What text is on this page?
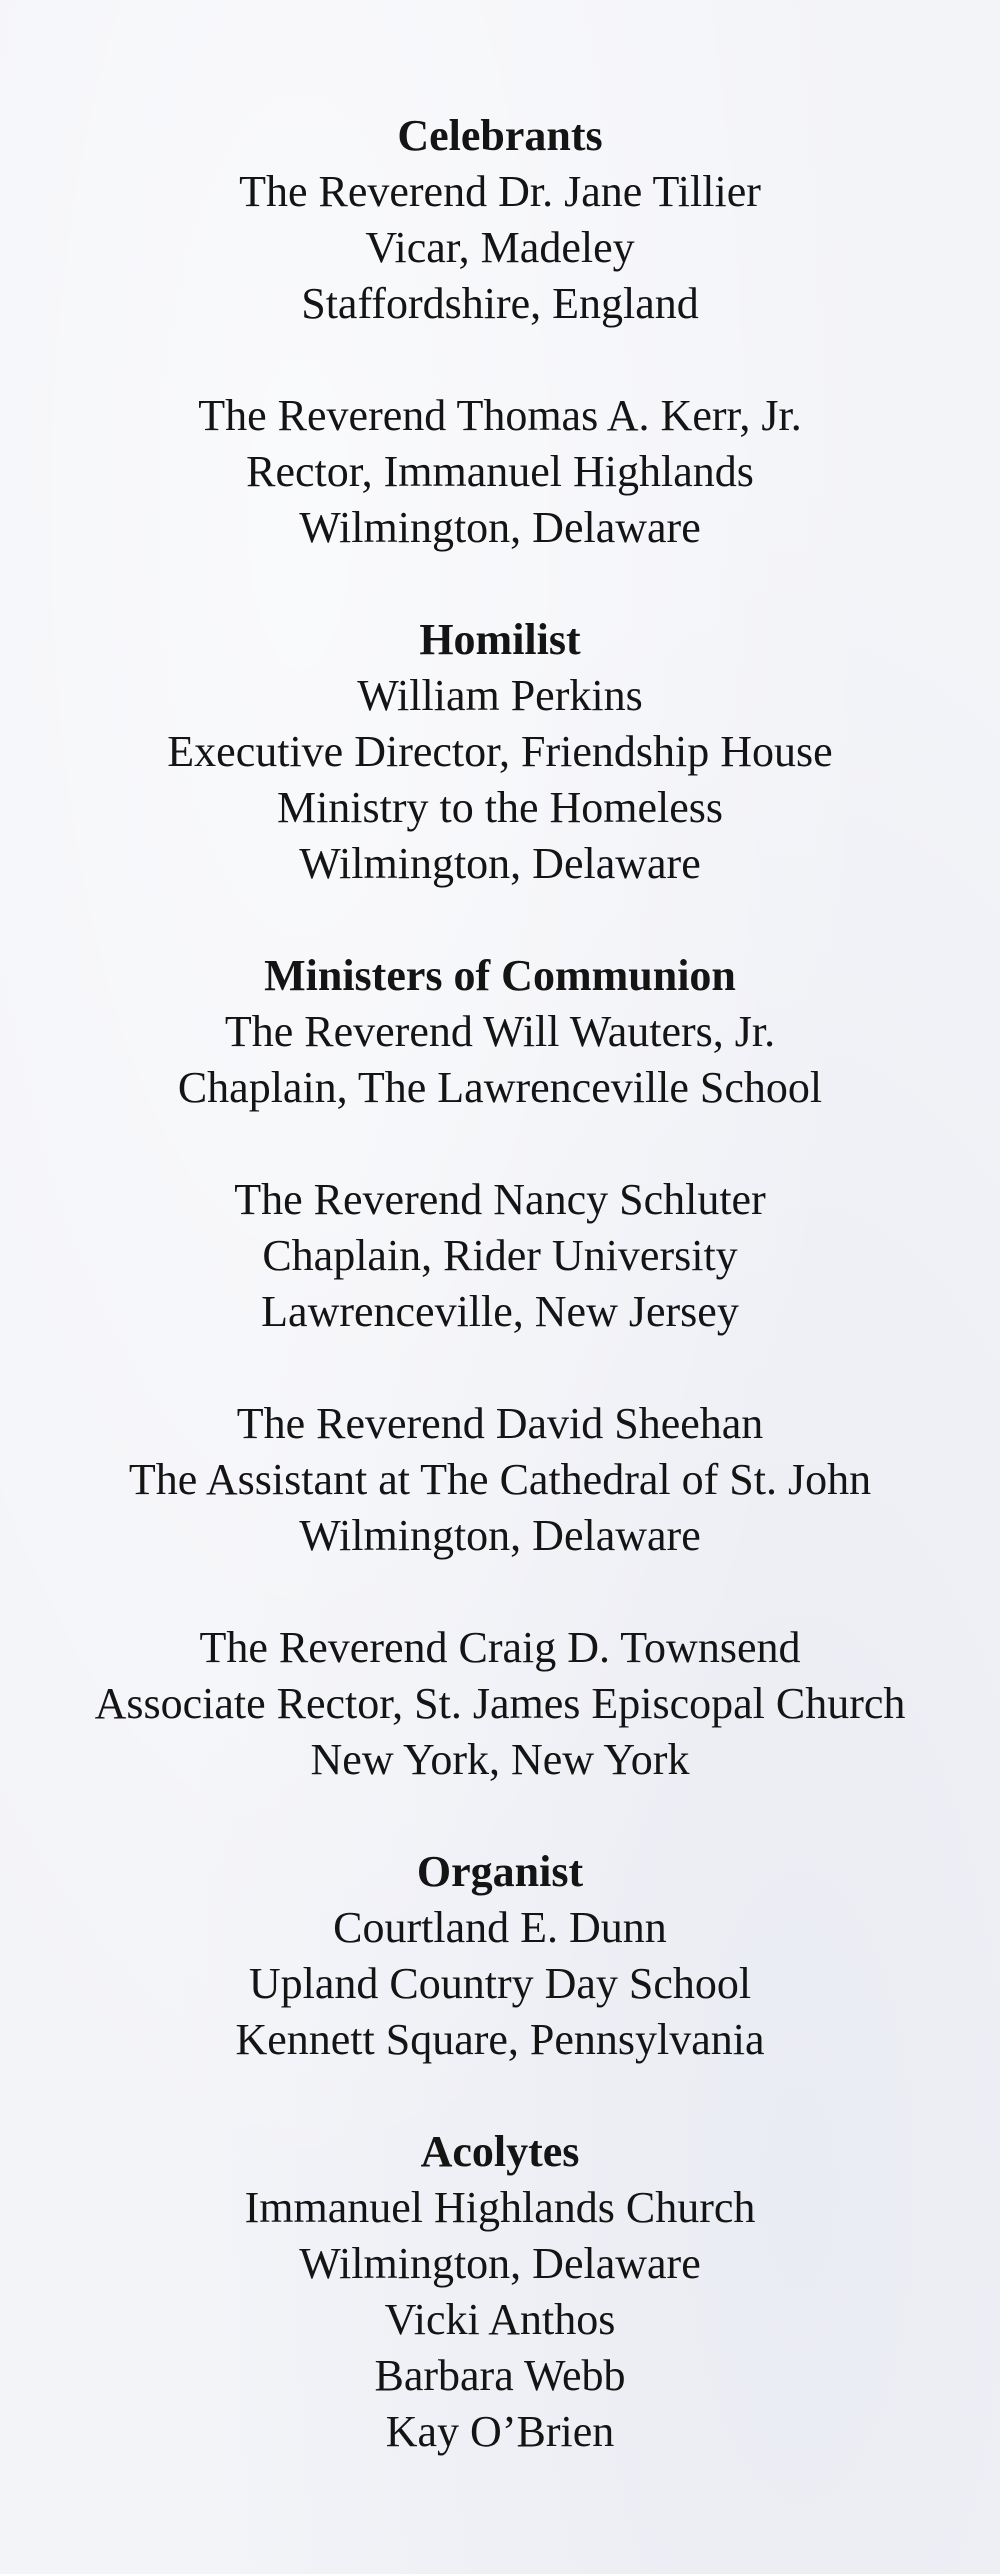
Celebrants
The Reverend Dr. Jane Tillier
Vicar, Madeley
Staffordshire, England
The Reverend Thomas A. Kerr, Jr.
Rector, Immanuel Highlands
Wilmington, Delaware
Homilist
William Perkins
Executive Director, Friendship House
Ministry to the Homeless
Wilmington, Delaware
Ministers of Communion
The Reverend Will Wauters, Jr.
Chaplain, The Lawrenceville School
The Reverend Nancy Schluter
Chaplain, Rider University
Lawrenceville, New Jersey
The Reverend David Sheehan
The Assistant at The Cathedral of St. John
Wilmington, Delaware
The Reverend Craig D. Townsend
Associate Rector, St. James Episcopal Church
New York, New York
Organist
Courtland E. Dunn
Upland Country Day School
Kennett Square, Pennsylvania
Acolytes
Immanuel Highlands Church
Wilmington, Delaware
Vicki Anthos
Barbara Webb
Kay O’Brien
